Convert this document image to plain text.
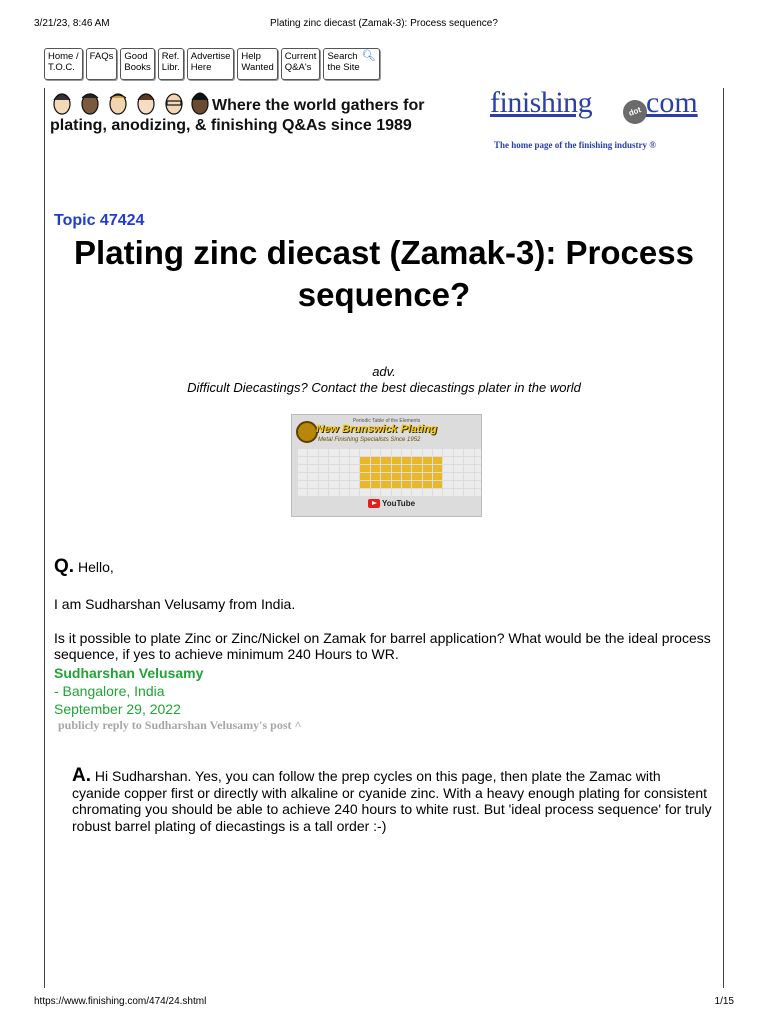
3/21/23, 8:46 AM	Plating zinc diecast (Zamak-3): Process sequence?
Home /
T.O.C.
FAQs	Good
Books
Ref.
Libr.
Advertise
Here
Help
Wanted
Current
Q&A's
Search
the Site
🔍︎
Where the world gathers for
plating, anodizing, & finishing Q&As since 1989
finishing	dot com
The home page of the finishing industry ®
Topic 47424
Plating zinc diecast (Zamak-3): Process sequence?
adv.
Difficult Diecastings? Contact the best diecastings plater in the world
Periodic Table of the Elements
New Brunswick Plating
Metal Finishing Specialists Since 1952
YouTube
Q. Hello,
I am Sudharshan Velusamy from India.
Is it possible to plate Zinc or Zinc/Nickel on Zamak for barrel application? What would be the ideal process sequence, if yes to achieve minimum 240 Hours to WR.
Sudharshan Velusamy
- Bangalore, India
September 29, 2022
publicly reply to Sudharshan Velusamy's post ^
A. Hi Sudharshan. Yes, you can follow the prep cycles on this page, then plate the Zamac with cyanide copper first or directly with alkaline or cyanide zinc. With a heavy enough plating for consistent chromating you should be able to achieve 240 hours to white rust. But 'ideal process sequence' for truly robust barrel plating of diecastings is a tall order :-)
https://www.finishing.com/474/24.shtml	1/15
